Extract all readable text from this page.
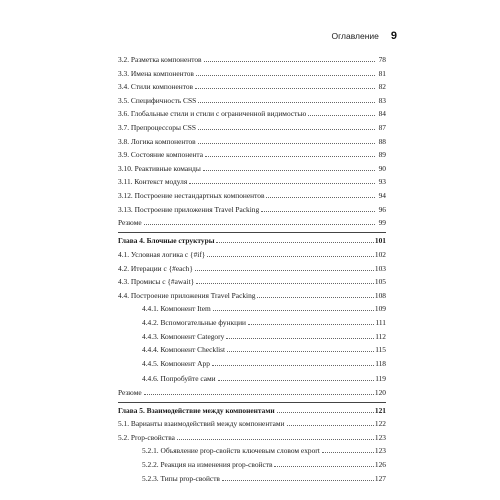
Оглавление 9
3.2. Разметка компонентов	78
3.3. Имена компонентов	81
3.4. Стили компонентов	82
3.5. Специфичность CSS	83
3.6. Глобальные стили и стили с ограниченной видимостью	84
3.7. Препроцессоры CSS	87
3.8. Логика компонентов	88
3.9. Состояние компонента	89
3.10. Реактивные команды	90
3.11. Контекст модуля	93
3.12. Построение нестандартных компонентов	94
3.13. Построение приложения Travel Packing	96
Резюме	99
Глава 4. Блочные структуры	101
4.1. Условная логика с {#if}	102
4.2. Итерации с {#each}	103
4.3. Промисы с {#await}	105
4.4. Построение приложения Travel Packing	108
4.4.1. Компонент Item	109
4.4.2. Вспомогательные функции	111
4.4.3. Компонент Category	112
4.4.4. Компонент Checklist	115
4.4.5. Компонент App	118
4.4.6. Попробуйте сами	119
Резюме	120
Глава 5. Взаимодействие между компонентами	121
5.1. Варианты взаимодействий между компонентами	122
5.2. Prop-свойства	123
5.2.1. Объявление prop-свойств ключевым словом export	123
5.2.2. Реакция на изменения prop-свойств	126
5.2.3. Типы prop-свойств	127
